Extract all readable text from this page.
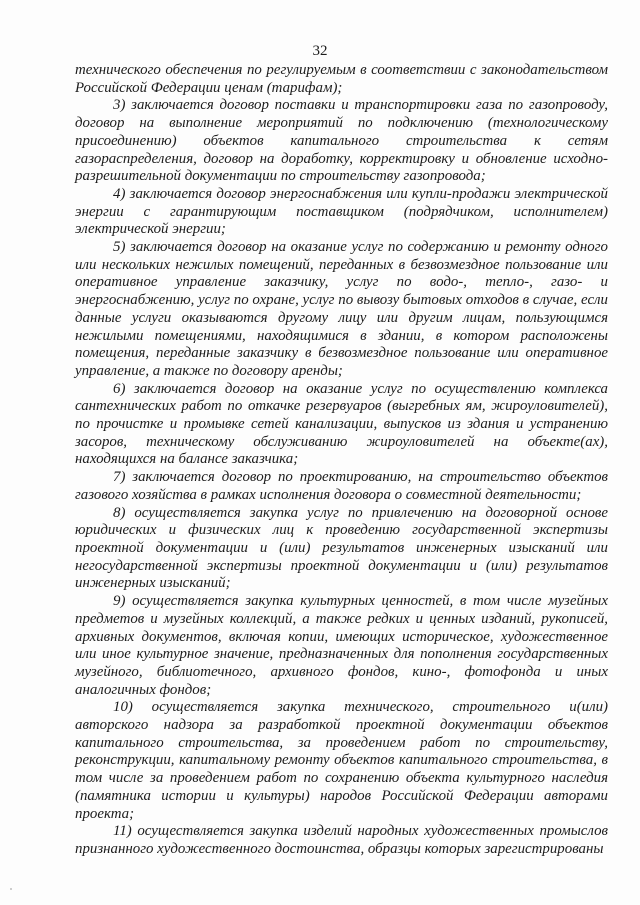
32

технического обеспечения по регулируемым в соответствии с законодательством Российской Федерации ценам (тарифам);

3) заключается договор поставки и транспортировки газа по газопроводу, договор на выполнение мероприятий по подключению (технологическому присоединению) объектов капитального строительства к сетям газораспределения, договор на доработку, корректировку и обновление исходно-разрешительной документации по строительству газопровода;

4) заключается договор энергоснабжения или купли-продажи электрической энергии с гарантирующим поставщиком (подрядчиком, исполнителем) электрической энергии;

5) заключается договор на оказание услуг по содержанию и ремонту одного или нескольких нежилых помещений, переданных в безвозмездное пользование или оперативное управление заказчику, услуг по водо-, тепло-, газо- и энергоснабжению, услуг по охране, услуг по вывозу бытовых отходов в случае, если данные услуги оказываются другому лицу или другим лицам, пользующимся нежилыми помещениями, находящимися в здании, в котором расположены помещения, переданные заказчику в безвозмездное пользование или оперативное управление, а также по договору аренды;

6) заключается договор на оказание услуг по осуществлению комплекса сантехнических работ по откачке резервуаров (выгребных ям, жироуловителей), по прочистке и промывке сетей канализации, выпусков из здания и устранению засоров, техническому обслуживанию жироуловителей на объекте(ах), находящихся на балансе заказчика;

7) заключается договор по проектированию, на строительство объектов газового хозяйства в рамках исполнения договора о совместной деятельности;

8) осуществляется закупка услуг по привлечению на договорной основе юридических и физических лиц к проведению государственной экспертизы проектной документации и (или) результатов инженерных изысканий или негосударственной экспертизы проектной документации и (или) результатов инженерных изысканий;

9) осуществляется закупка культурных ценностей, в том числе музейных предметов и музейных коллекций, а также редких и ценных изданий, рукописей, архивных документов, включая копии, имеющих историческое, художественное или иное культурное значение, предназначенных для пополнения государственных музейного, библиотечного, архивного фондов, кино-, фотофонда и иных аналогичных фондов;

10) осуществляется закупка технического, строительного и(или) авторского надзора за разработкой проектной документации объектов капитального строительства, за проведением работ по строительству, реконструкции, капитальному ремонту объектов капитального строительства, в том числе за проведением работ по сохранению объекта культурного наследия (памятника истории и культуры) народов Российской Федерации авторами проекта;

11) осуществляется закупка изделий народных художественных промыслов признанного художественного достоинства, образцы которых зарегистрированы
